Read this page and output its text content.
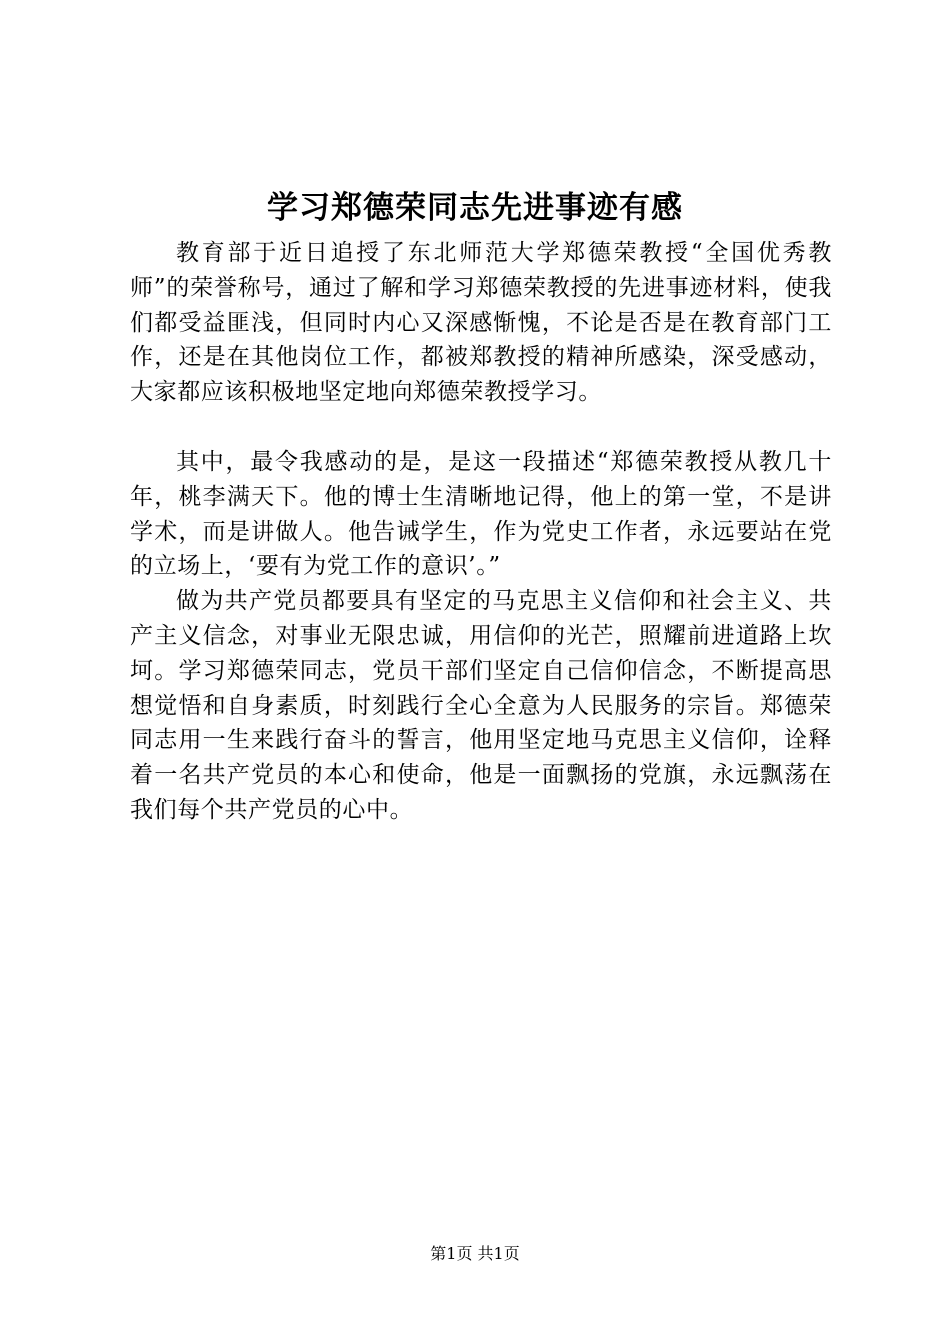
学习郑德荣同志先进事迹有感

教育部于近日追授了东北师范大学郑德荣教授“全国优秀教师”的荣誉称号，通过了解和学习郑德荣教授的先进事迹材料，使我们都受益匪浅，但同时内心又深感惭愧，不论是否是在教育部门工作，还是在其他岗位工作，都被郑教授的精神所感染，深受感动，大家都应该积极地坚定地向郑德荣教授学习。

其中，最令我感动的是，是这一段描述“郑德荣教授从教几十年，桃李满天下。他的博士生清晰地记得，他上的第一堂，不是讲学术，而是讲做人。他告诫学生，作为党史工作者，永远要站在党的立场上，‘要有为党工作的意识’。”

做为共产党员都要具有坚定的马克思主义信仰和社会主义、共产主义信念，对事业无限忠诚，用信仰的光芒，照耀前进道路上坎坷。学习郑德荣同志，党员干部们坚定自己信仰信念，不断提高思想觉悟和自身素质，时刻践行全心全意为人民服务的宗旨。郑德荣同志用一生来践行奋斗的誓言，他用坚定地马克思主义信仰，诠释着一名共产党员的本心和使命，他是一面飘扬的党旗，永远飘荡在我们每个共产党员的心中。

第1页 共1页
